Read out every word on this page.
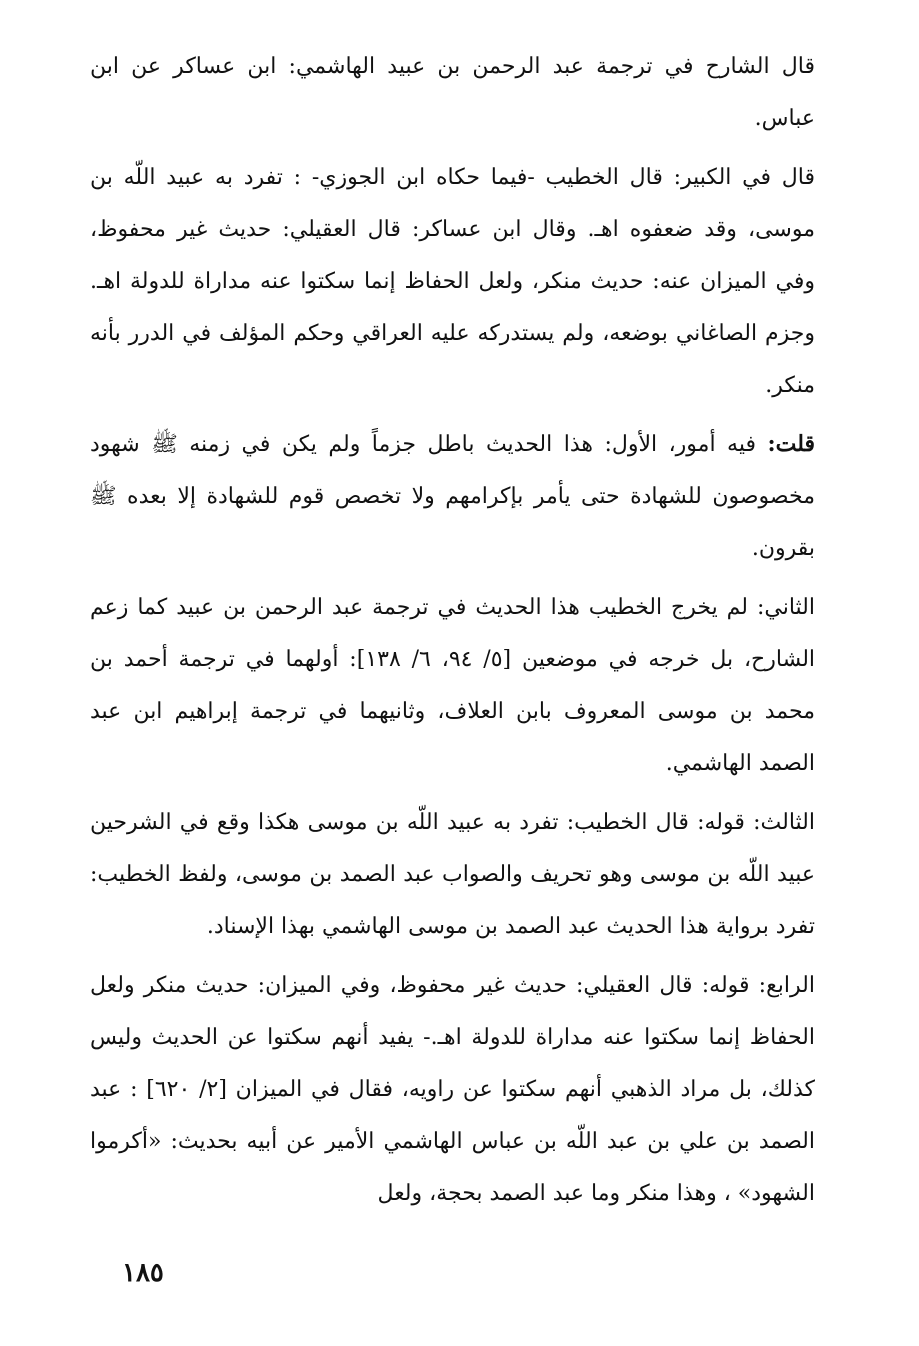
قال الشارح في ترجمة عبد الرحمن بن عبيد الهاشمي: ابن عساكر عن ابن عباس.

قال في الكبير: قال الخطيب -فيما حكاه ابن الجوزي- : تفرد به عبيد اللّه بن موسى، وقد ضعفوه اهـ. وقال ابن عساكر: قال العقيلي: حديث غير محفوظ، وفي الميزان عنه: حديث منكر، ولعل الحفاظ إنما سكتوا عنه مداراة للدولة اهـ. وجزم الصاغاني بوضعه، ولم يستدركه عليه العراقي وحكم المؤلف في الدرر بأنه منكر.

قلت: فيه أمور، الأول: هذا الحديث باطل جزماً ولم يكن في زمنه ﷺ شهود مخصوصون للشهادة حتى يأمر بإكرامهم ولا تخصص قوم للشهادة إلا بعده ﷺ بقرون.

الثاني: لم يخرج الخطيب هذا الحديث في ترجمة عبد الرحمن بن عبيد كما زعم الشارح، بل خرجه في موضعين [٥/ ٩٤، ٦/ ١٣٨]: أولهما في ترجمة أحمد بن محمد بن موسى المعروف بابن العلاف، وثانيهما في ترجمة إبراهيم ابن عبد الصمد الهاشمي.

الثالث: قوله: قال الخطيب: تفرد به عبيد اللّه بن موسى هكذا وقع في الشرحين عبيد اللّه بن موسى وهو تحريف والصواب عبد الصمد بن موسى، ولفظ الخطيب: تفرد برواية هذا الحديث عبد الصمد بن موسى الهاشمي بهذا الإسناد.

الرابع: قوله: قال العقيلي: حديث غير محفوظ، وفي الميزان: حديث منكر ولعل الحفاظ إنما سكتوا عنه مداراة للدولة اهـ.- يفيد أنهم سكتوا عن الحديث وليس كذلك، بل مراد الذهبي أنهم سكتوا عن راويه، فقال في الميزان [٢/ ٦٢٠] : عبد الصمد بن علي بن عبد اللّه بن عباس الهاشمي الأمير عن أبيه بحديث: «أكرموا الشهود» ، وهذا منكر وما عبد الصمد بحجة، ولعل

١٨٥
